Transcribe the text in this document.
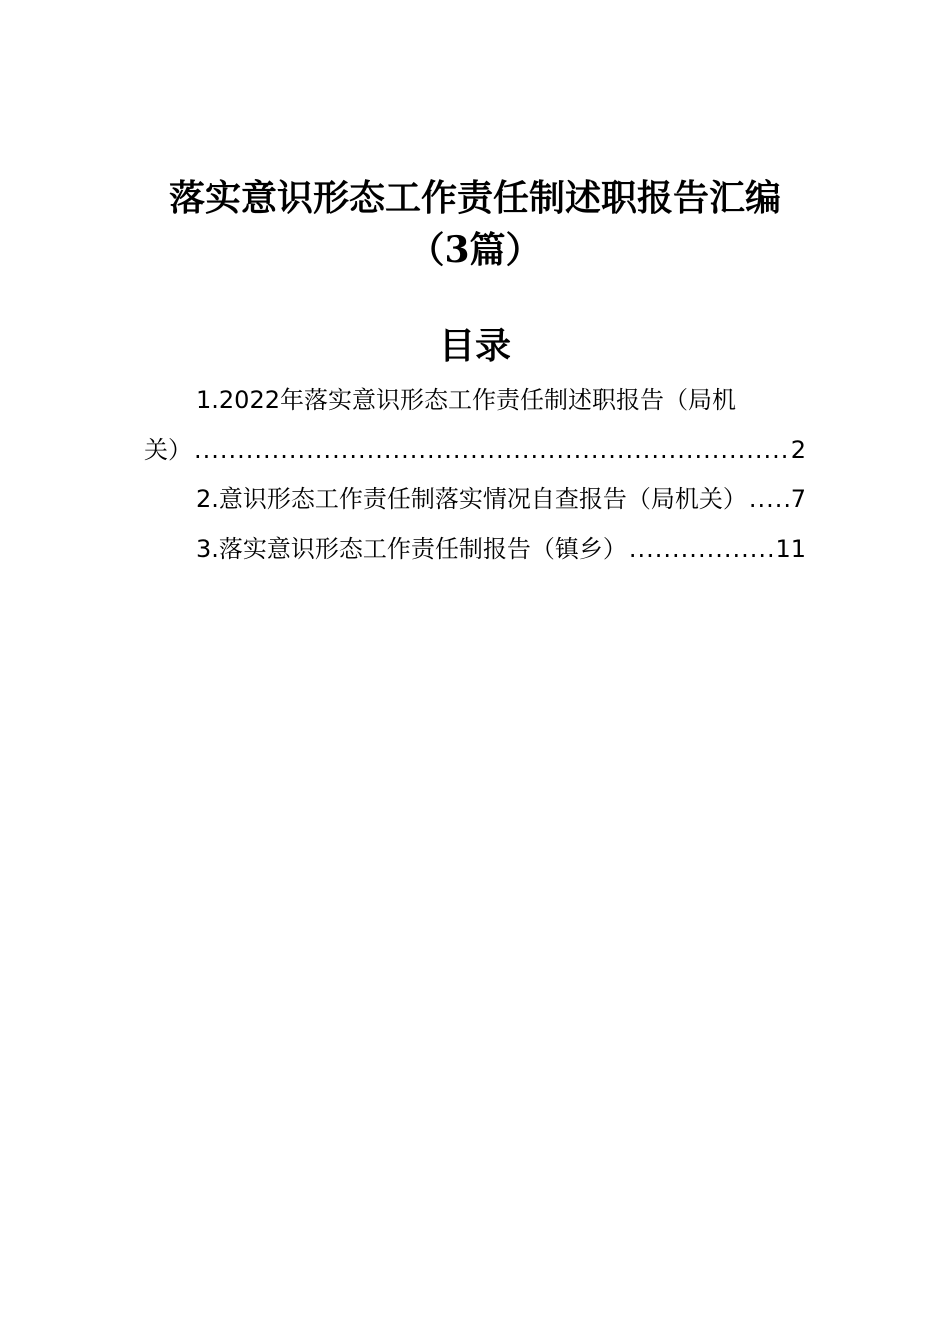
落实意识形态工作责任制述职报告汇编
（3篇）
目录
1.2022年落实意识形态工作责任制述职报告（局机
关） .....	2
2.意识形态工作责任制落实情况自查报告（局机关） ..... 7
3.落实意识形态工作责任制报告（镇乡） .....	11
